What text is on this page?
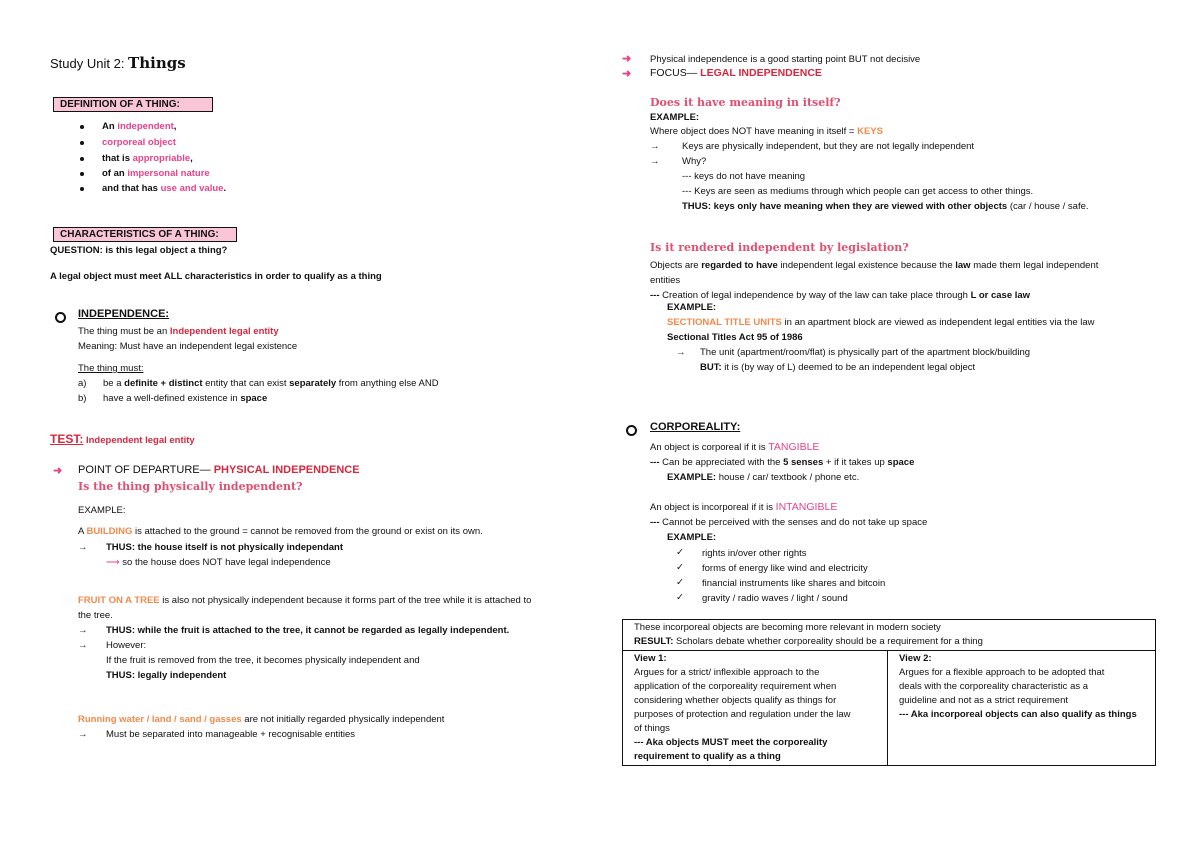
Study Unit 2: Things
DEFINITION OF A THING:
An independent,
corporeal object
that is appropriable,
of an impersonal nature
and that has use and value.
CHARACTERISTICS OF A THING:
QUESTION: is this legal object a thing?
A legal object must meet ALL characteristics in order to qualify as a thing
INDEPENDENCE:
The thing must be an Independent legal entity
Meaning: Must have an independent legal existence
The thing must:
a) be a definite + distinct entity that can exist separately from anything else AND
b) have a well-defined existence in space
TEST: Independent legal entity
➜ POINT OF DEPARTURE— PHYSICAL INDEPENDENCE
Is the thing physically independent?
EXAMPLE:
A BUILDING is attached to the ground = cannot be removed from the ground or exist on its own.
→ THUS: the house itself is not physically independant
⟶ so the house does NOT have legal independence
FRUIT ON A TREE is also not physically independent because it forms part of the tree while it is attached to
the tree.
→ THUS: while the fruit is attached to the tree, it cannot be regarded as legally independent.
→ However:
If the fruit is removed from the tree, it becomes physically independent and
THUS: legally independent
Running water / land / sand / gasses are not initially regarded physically independent
→ Must be separated into manageable + recognisable entities
➜ Physical independence is a good starting point BUT not decisive
➜ FOCUS— LEGAL INDEPENDENCE
Does it have meaning in itself?
EXAMPLE:
Where object does NOT have meaning in itself = KEYS
→ Keys are physically independent, but they are not legally independent
→ Why?
--- keys do not have meaning
--- Keys are seen as mediums through which people can get access to other things.
THUS: keys only have meaning when they are viewed with other objects (car / house / safe.
Is it rendered independent by legislation?
Objects are regarded to have independent legal existence because the law made them legal independent
entities
--- Creation of legal independence by way of the law can take place through L or case law
EXAMPLE:
SECTIONAL TITLE UNITS in an apartment block are viewed as independent legal entities via the law
Sectional Titles Act 95 of 1986
→ The unit (apartment/room/flat) is physically part of the apartment block/building
BUT: it is (by way of L) deemed to be an independent legal object
CORPOREALITY:
An object is corporeal if it is TANGIBLE
--- Can be appreciated with the 5 senses + if it takes up space
EXAMPLE: house / car/ textbook / phone etc.
An object is incorporeal if it is INTANGIBLE
--- Cannot be perceived with the senses and do not take up space
EXAMPLE:
✓ rights in/over other rights
✓ forms of energy like wind and electricity
✓ financial instruments like shares and bitcoin
✓ gravity / radio waves / light / sound
These incorporeal objects are becoming more relevant in modern society
RESULT: Scholars debate whether corporeality should be a requirement for a thing

View 1:
Argues for a strict/ inflexible approach to the
application of the corporeality requirement when
considering whether objects qualify as things for
purposes of protection and regulation under the law
of things
--- Aka objects MUST meet the corporeality
requirement to qualify as a thing

View 2:
Argues for a flexible approach to be adopted that
deals with the corporeality characteristic as a
guideline and not as a strict requirement
--- Aka incorporeal objects can also qualify as things
